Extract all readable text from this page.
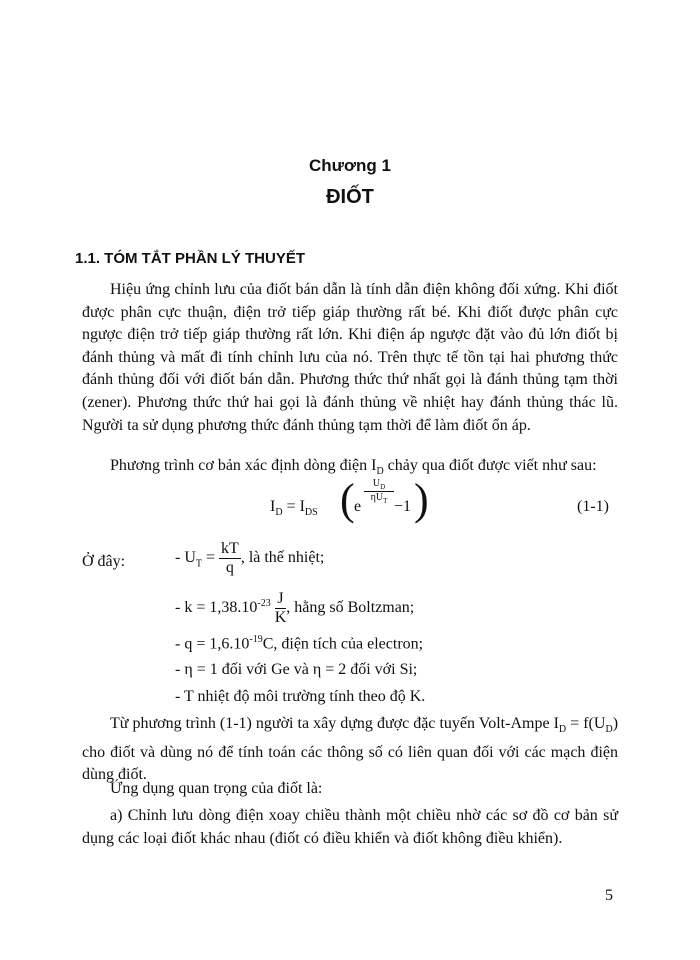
Chương 1
ĐIỐT
1.1. TÓM TẮT PHẦN LÝ THUYẾT

Hiệu ứng chỉnh lưu của điốt bán dẫn là tính dẫn điện không đối xứng. Khi điốt được phân cực thuận, điện trở tiếp giáp thường rất bé. Khi điốt được phân cực ngược điện trở tiếp giáp thường rất lớn. Khi điện áp ngược đặt vào đủ lớn điốt bị đánh thủng và mất đi tính chỉnh lưu của nó. Trên thực tế tồn tại hai phương thức đánh thủng đối với điốt bán dẫn. Phương thức thứ nhất gọi là đánh thủng tạm thời (zener). Phương thức thứ hai gọi là đánh thủng về nhiệt hay đánh thủng thác lũ. Người ta sử dụng phương thức đánh thủng tạm thời để làm điốt ổn áp.

Phương trình cơ bản xác định dòng điện $I_D$ chảy qua điốt được viết như sau:

$I_D = I_{DS}$ ( e
$U_D$
$\eta U_T -1$ )	(1-1)
Ở đây:	- $U_T = \frac{kT}{q}$ , là thế nhiệt;
- $k = 1,38.10^{-23} \frac{J}{K}$ , hằng số Boltzman;
- $q = 1,6.10^{-19}C$, điện tích của electron;
- η = 1 đối với Ge và η = 2 đối với Si;
- T nhiệt độ môi trường tính theo độ K.

Từ phương trình (1-1) người ta xây dựng được đặc tuyến Volt-Ampe $I_D = f(U_D)$ cho điốt và dùng nó để tính toán các thông số có liên quan đối với các mạch điện dùng điốt.

Ứng dụng quan trọng của điốt là:

a) Chỉnh lưu dòng điện xoay chiều thành một chiều nhờ các sơ đồ cơ bản sử dụng các loại điốt khác nhau (điốt có điều khiển và điốt không điều khiển).

5
